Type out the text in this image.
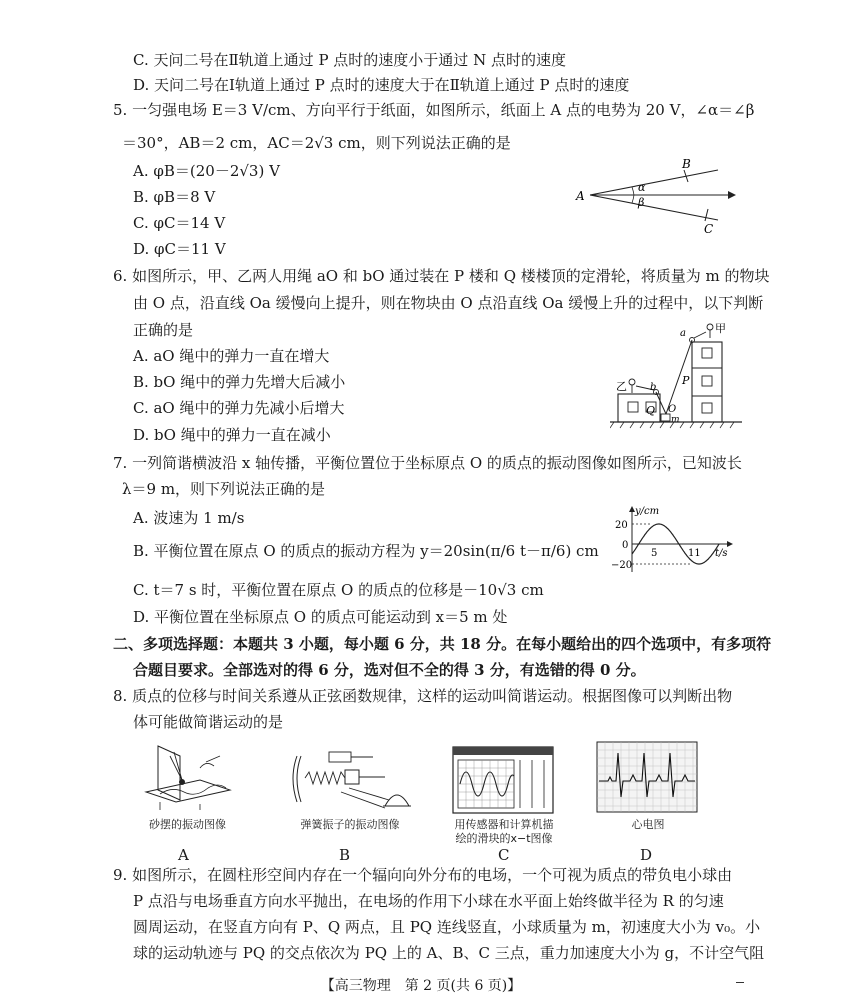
C. 天问二号在Ⅱ轨道上通过 P 点时的速度小于通过 N 点时的速度
D. 天问二号在Ⅰ轨道上通过 P 点时的速度大于在Ⅱ轨道上通过 P 点时的速度
5. 一匀强电场 E＝3 V/cm、方向平行于纸面，如图所示，纸面上 A 点的电势为 20 V，∠α＝∠β
＝30°，AB＝2 cm，AC＝2√3 cm，则下列说法正确的是
A. φB＝(20－2√3) V
B. φB＝8 V
C. φC＝14 V
D. φC＝11 V
A
B
C
α
β
6. 如图所示，甲、乙两人用绳 aO 和 bO 通过装在 P 楼和 Q 楼楼顶的定滑轮，将质量为 m 的物块
由 O 点，沿直线 Oa 缓慢向上提升，则在物块由 O 点沿直线 Oa 缓慢上升的过程中，以下判断
正确的是
A. aO 绳中的弹力一直在增大
B. bO 绳中的弹力先增大后减小
C. aO 绳中的弹力先减小后增大
D. bO 绳中的弹力一直在减小
甲
乙
a
b
P
Q O
m
7. 一列简谐横波沿 x 轴传播，平衡位置位于坐标原点 O 的质点的振动图像如图所示，已知波长
λ＝9 m，则下列说法正确的是
A. 波速为 1 m/s
B. 平衡位置在原点 O 的质点的振动方程为 y＝20sin(π/6 t－π/6) cm
C. t＝7 s 时，平衡位置在原点 O 的质点的位移是－10√3 cm
D. 平衡位置在坐标原点 O 的质点可能运动到 x＝5 m 处
y/cm
t/s
20
0
−20
5	11
二、多项选择题：本题共 3 小题，每小题 6 分，共 18 分。在每小题给出的四个选项中，有多项符
合题目要求。全部选对的得 6 分，选对但不全的得 3 分，有选错的得 0 分。
8. 质点的位移与时间关系遵从正弦函数规律，这样的运动叫简谐运动。根据图像可以判断出物
体可能做简谐运动的是
砂摆的振动图像
A
弹簧振子的振动图像
B
用传感器和计算机描
绘的滑块的x−t图像
C
心电图
D
9. 如图所示，在圆柱形空间内存在一个辐向向外分布的电场，一个可视为质点的带负电小球由
P 点沿与电场垂直方向水平抛出，在电场的作用下小球在水平面上始终做半径为 R 的匀速
圆周运动，在竖直方向有 P、Q 两点，且 PQ 连线竖直，小球质量为 m，初速度大小为 v₀。小
球的运动轨迹与 PQ 的交点依次为 PQ 上的 A、B、C 三点，重力加速度大小为 g，不计空气阻
【高三物理　第 2 页(共 6 页)】
